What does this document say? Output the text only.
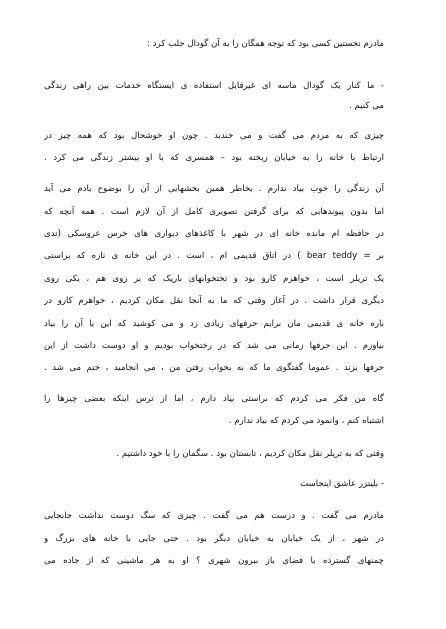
مادرم نخستین کسی بود که توجه همگان را به آن گودال جلب کرد :
- ما کنار یک گودال ماسه ای غیرقابل استفاده ی ایستگاه خدمات بین راهی زندگی
می کنیم .
چیزی که به مردم می گفت و می خندید . چون او خوشحال بود که همه چیز در
ارتباط با خانه را به خیابان ریخته بود – همسری که با او بیشتر زندگی می کرد .
آن زندگی را خوب بیاد ندارم . بخاطر همین بخشهایی از آن را بوضوح یادم می آید
اما بدون پیوندهایی که برای گرفتن تصویری کامل از آن لازم است . همه آنچه که
در حافظه ام مانده خانه ای در شهر با کاغذهای دیواری های خرس عروسکی (تدی
بر = bear teddy ) در اتاق قدیمی ام ، است . در این خانه ی تازه که براستی
یک تریلر است ، خواهرم کارو بود و تختخوابهای باریک که بر روی هم ، یکی روی
دیگری قرار داشت . در آغاز وقتی که ما به آنجا نقل مکان کردیم ، خواهرم کارو در
باره خانه ی قدیمی مان برایم حرفهای زیادی زد و می کوشید که این یا آن را بیاد
بیاورم . این حرفها زمانی می شد که در رختخواب بودیم و او دوست داشت از این
حرفها بزند . عموما گفتگوی ما که به بخواب رفتن من ، می انجامید ، ختم می شد .
گاه من فکر می کردم که براستی بیاد دارم ، اما از ترس اینکه بعضی چیزها را
اشتباه کنم ، وانمود می کردم که بیاد ندارم .
وقتی که به تریلر نقل مکان کردیم ، تابستان بود . سگمان را با خود داشتیم .
- بلیتزر عاشق اینجاست
مادرم می گفت . و درست هم می گفت . چیزی که سگ دوست نداشت جابجایی
در شهر ، از یک خیابان به خیابان دیگر بود . حتی جایی با خانه های بزرگ و
چمنهای گسترده یا فضای باز بیرون شهری ؟ او به هر ماشینی که از جاده می
